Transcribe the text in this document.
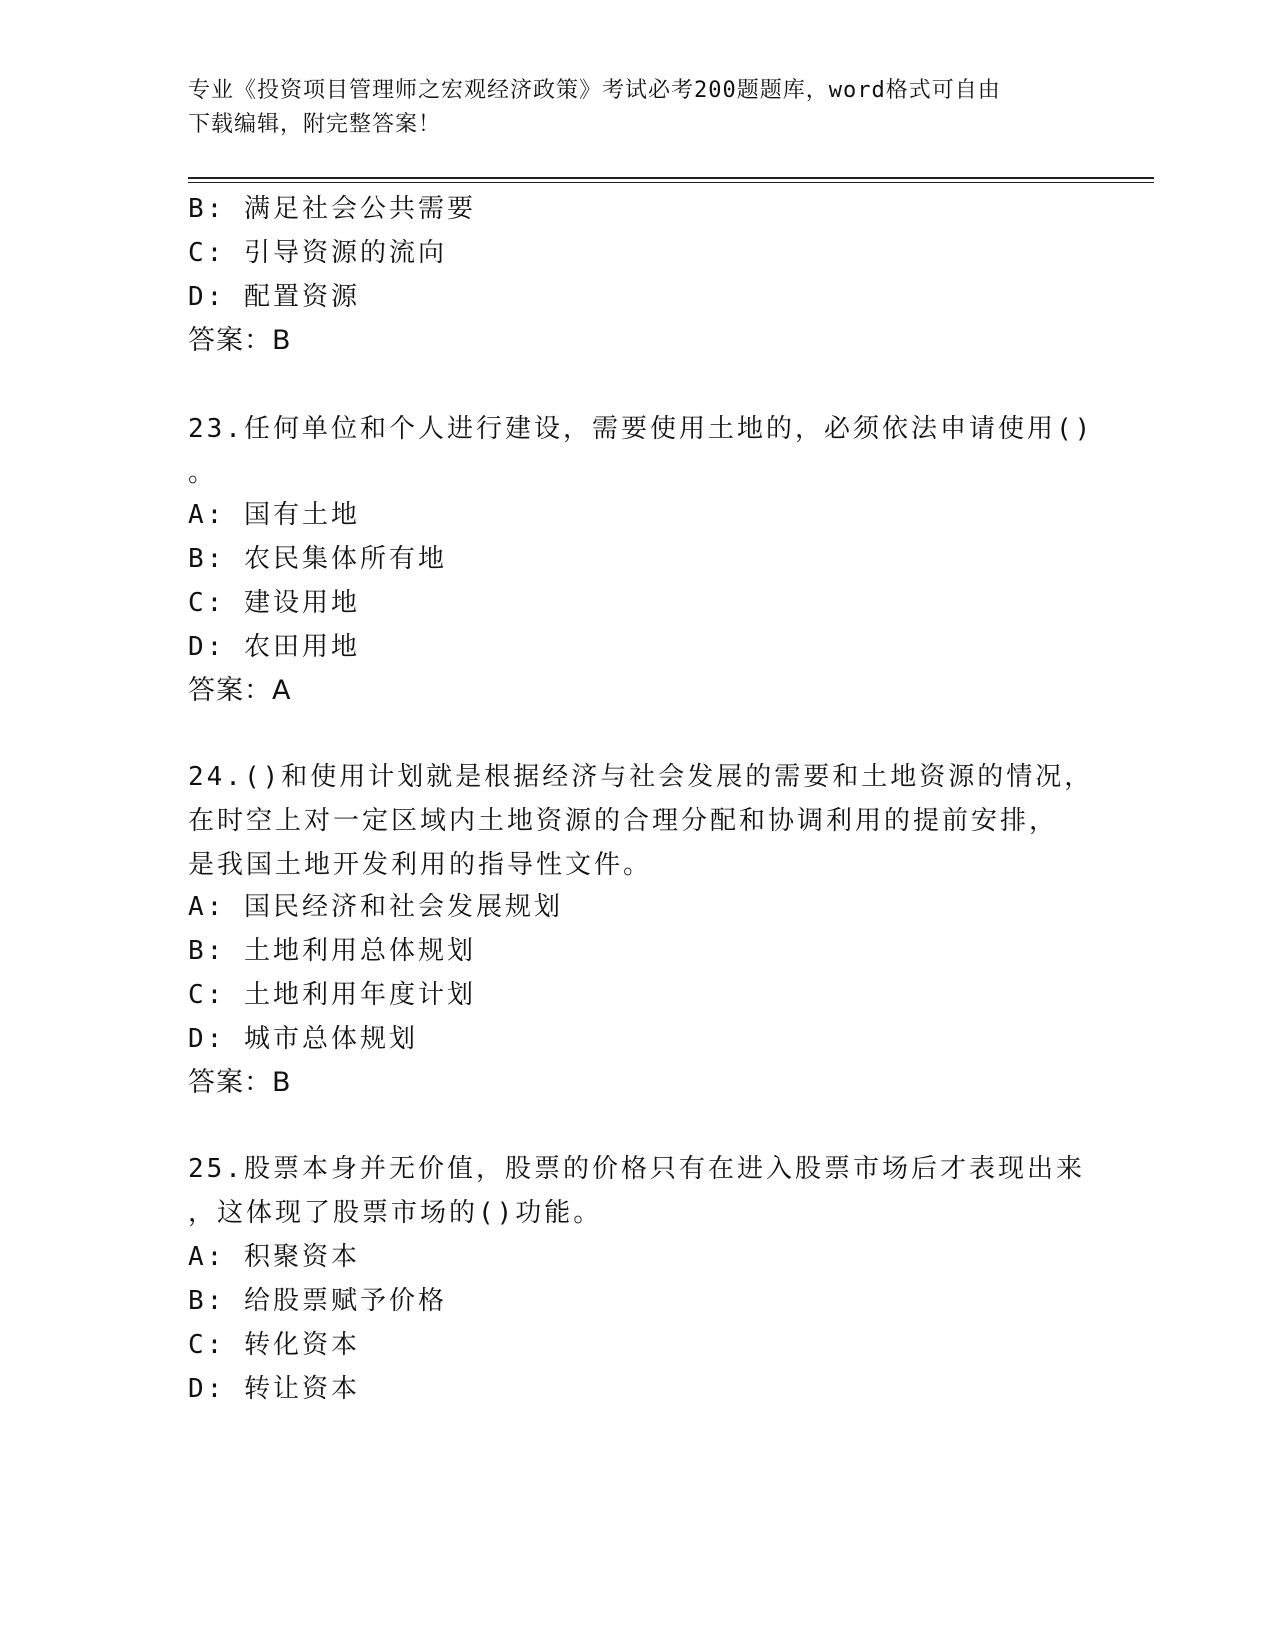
专业《投资项目管理师之宏观经济政策》考试必考200题题库，word格式可自由
下载编辑，附完整答案！
B: 满足社会公共需要
C: 引导资源的流向
D: 配置资源
答案：B
23.任何单位和个人进行建设，需要使用土地的，必须依法申请使用()
。
A: 国有土地
B: 农民集体所有地
C: 建设用地
D: 农田用地
答案：A
24.()和使用计划就是根据经济与社会发展的需要和土地资源的情况，
在时空上对一定区域内土地资源的合理分配和协调利用的提前安排，
是我国土地开发利用的指导性文件。
A: 国民经济和社会发展规划
B: 土地利用总体规划
C: 土地利用年度计划
D: 城市总体规划
答案：B
25.股票本身并无价值，股票的价格只有在进入股票市场后才表现出来
，这体现了股票市场的()功能。
A: 积聚资本
B: 给股票赋予价格
C: 转化资本
D: 转让资本
